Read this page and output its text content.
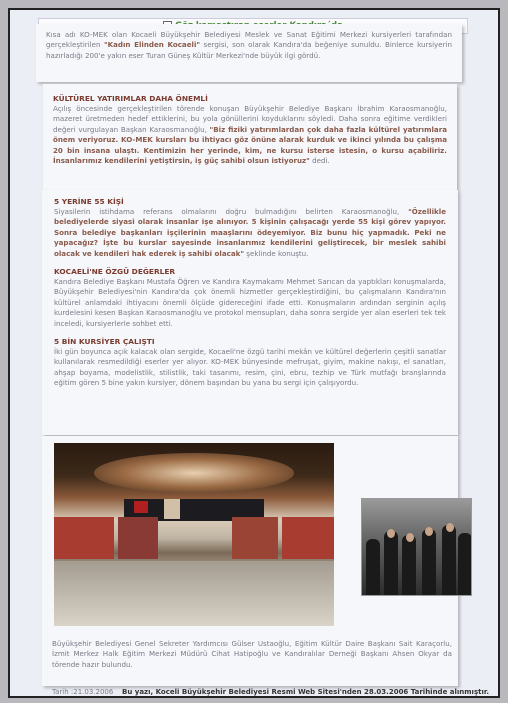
Kısa adı KO-MEK olan Kocaeli Büyükşehir Belediyesi Meslek ve Sanat Eğitimi Merkezi kursiyerleri tarafından gerçekleştirilen "Kadın Elinden Kocaeli" sergisi, son olarak Kandıra'da beğeniye sunuldu. Binlerce kursiyerin hazırladığı 200'e yakın eser Turan Güneş Kültür Merkezi'nde büyük ilgi gördü.

KÜLTÜREL YATIRIMLAR DAHA ÖNEMLİ

Açılış öncesinde gerçekleştirilen törende konuşan Büyükşehir Belediye Başkanı İbrahim Karaosmanoğlu, mazeret üretmeden hedef ettiklerini, bu yola gönüllerini koyduklarını söyledi. Daha sonra eğitime verdikleri değeri vurgulayan Başkan Karaosmanoğlu, "Biz fiziki yatırımlardan çok daha fazla kültürel yatırımlara önem veriyoruz. KO-MEK kursları bu ihtiyacı göz önüne alarak kurduk ve ikinci yılında bu çalışma 20 bin insana ulaştı. Kentimizin her yerinde, kim, ne kursu isterse istesin, o kursu açabiliriz. İnsanlarımız kendilerini yetiştirsin, iş güç sahibi olsun istiyoruz" dedi.

5 YERİNE 55 KİŞİ

Siyasilerin istihdama referans olmalarını doğru bulmadığını belirten Karaosmanoğlu, "Özellikle belediyelerde siyasi olarak insanlar işe alınıyor. 5 kişinin çalışacağı yerde 55 kişi görev yapıyor. Sonra belediye başkanları işçilerinin maaşlarını ödeyemiyor. Biz bunu hiç yapmadık. Peki ne yapacağız? İşte bu kurslar sayesinde insanlarımız kendilerini geliştirecek, bir meslek sahibi olacak ve kendileri hak ederek iş sahibi olacak" şeklinde konuştu.

KOCAELİ'NE ÖZGÜ DEĞERLER

Kandıra Belediye Başkanı Mustafa Öğren ve Kandıra Kaymakamı Mehmet Sarıcan da yaptıkları konuşmalarda, Büyükşehir Belediyesi'nin Kandıra'da çok önemli hizmetler gerçekleştirdiğini, bu çalışmaların Kandıra'nın kültürel anlamdaki ihtiyacını önemli ölçüde gidereceğini ifade etti. Konuşmaların ardından serginin açılış kurdelesini kesen Başkan Karaosmanoğlu ve protokol mensupları, daha sonra sergide yer alan eserleri tek tek inceledi, kursiyerlerle sohbet etti.

5 BİN KURSİYER ÇALIŞTI

İki gün boyunca açık kalacak olan sergide, Kocaeli'ne özgü tarihi mekân ve kültürel değerlerin çeşitli sanatlar kullanılarak resmedildiği eserler yer alıyor. KO-MEK bünyesinde mefruşat, giyim, makine nakışı, el sanatları, ahşap boyama, modelistlik, stilistlik, taki tasarımı, resim, çini, ebru, tezhip ve Türk mutfağı branşlarında eğitim gören 5 bine yakın kursiyer, dönem başından bu yana bu sergi için çalışıyordu.

Büyükşehir Belediyesi Genel Sekreter Yardımcısı Gülser Ustaoğlu, Eğitim Kültür Daire Başkanı Sait Karaçorlu, İzmit Merkez Halk Eğitim Merkezi Müdürü Cihat Hatipoğlu ve Kandıralılar Derneği Başkanı Ahsen Okyar da törende hazır bulundu.

Tarih :21.03.2006 Bu yazı, Koceli Büyükşehir Belediyesi Resmi Web Sitesi'nden 28.03.2006 Tarihinde alınmıştır.
